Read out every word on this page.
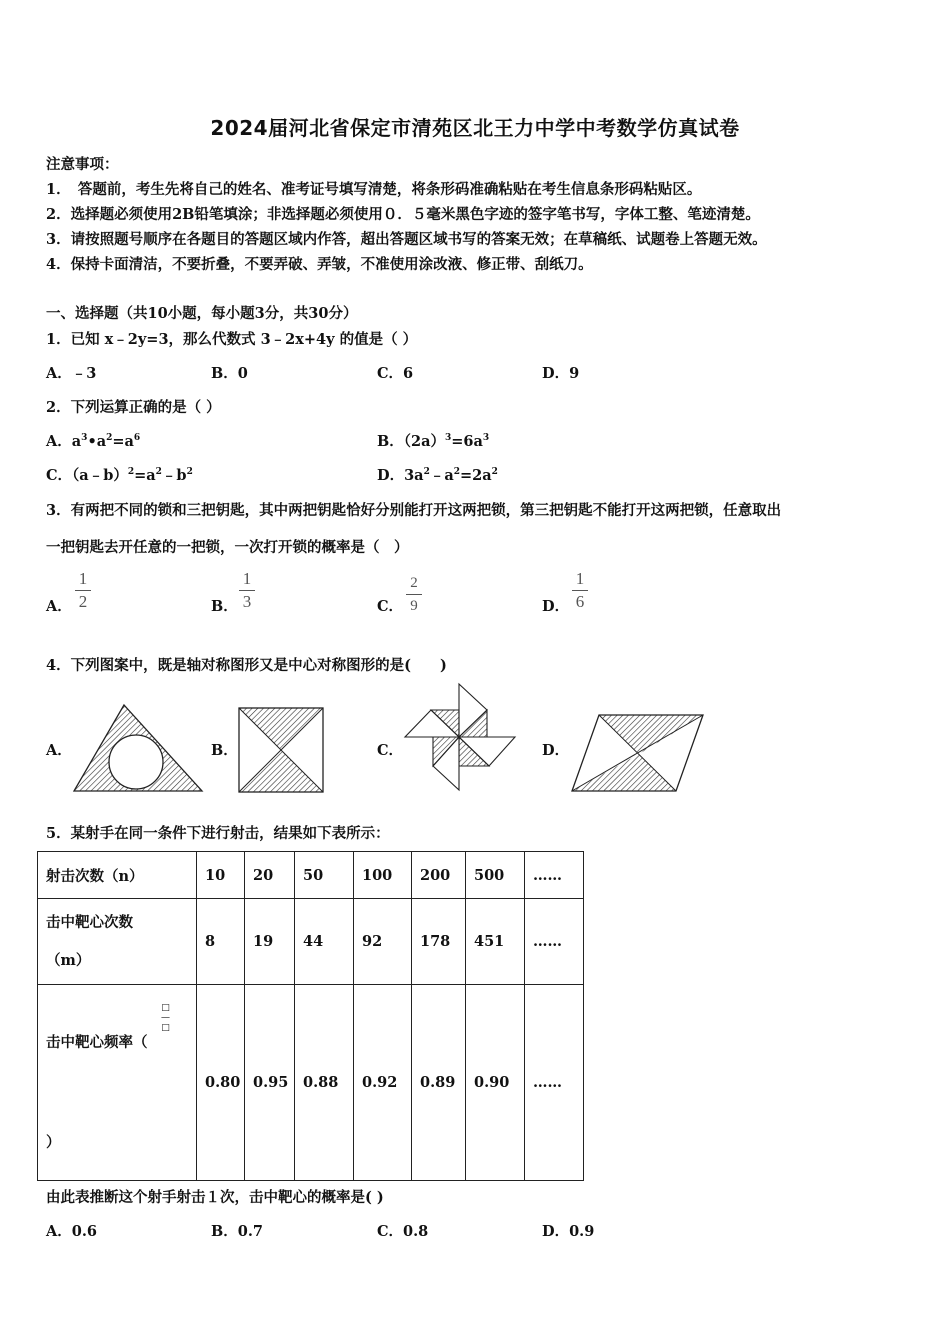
2024届河北省保定市清苑区北王力中学中考数学仿真试卷
注意事项：
1．　答题前，考生先将自己的姓名、准考证号填写清楚，将条形码准确粘贴在考生信息条形码粘贴区。
2．选择题必须使用2B铅笔填涂；非选择题必须使用０．５毫米黑色字迹的签字笔书写，字体工整、笔迹清楚。
3．请按照题号顺序在各题目的答题区域内作答，超出答题区域书写的答案无效；在草稿纸、试题卷上答题无效。
4．保持卡面清洁，不要折叠，不要弄破、弄皱，不准使用涂改液、修正带、刮纸刀。
一、选择题（共10小题，每小题3分，共30分）
1．已知 x﹣2y=3，那么代数式 3﹣2x+4y 的值是（ ）
A．﹣3	B．0	C．6	D．9
2．下列运算正确的是（ ）
A．$a^3•a^2=a^6$	B．$(2a)^3=6a^3$
C．$(a﹣b)^2=a^2﹣b^2$	D．$3a^2﹣a^2=2a^2$
3．有两把不同的锁和三把钥匙，其中两把钥匙恰好分别能打开这两把锁，第三把钥匙不能打开这两把锁，任意取出
一把钥匙去开任意的一把锁，一次打开锁的概率是（　）
A．
1
2	B．
1
3	C．
2
9	D．
1
6
4．下列图案中，既是轴对称图形又是中心对称图形的是(　　)
A．	B．	C．	D．
5．某射手在同一条件下进行射击，结果如下表所示：
射击次数（n）	10	20	50	100	200	500	……

击中靶心次数
（m）	8	19	44	92	178	451	……

□
—
□
击中靶心频率（
）	0.80	0.95	0.88	0.92	0.89	0.90	……
由此表推断这个射手射击１次，击中靶心的概率是( )
A．0.6	B．0.7	C．0.8	D．0.9
